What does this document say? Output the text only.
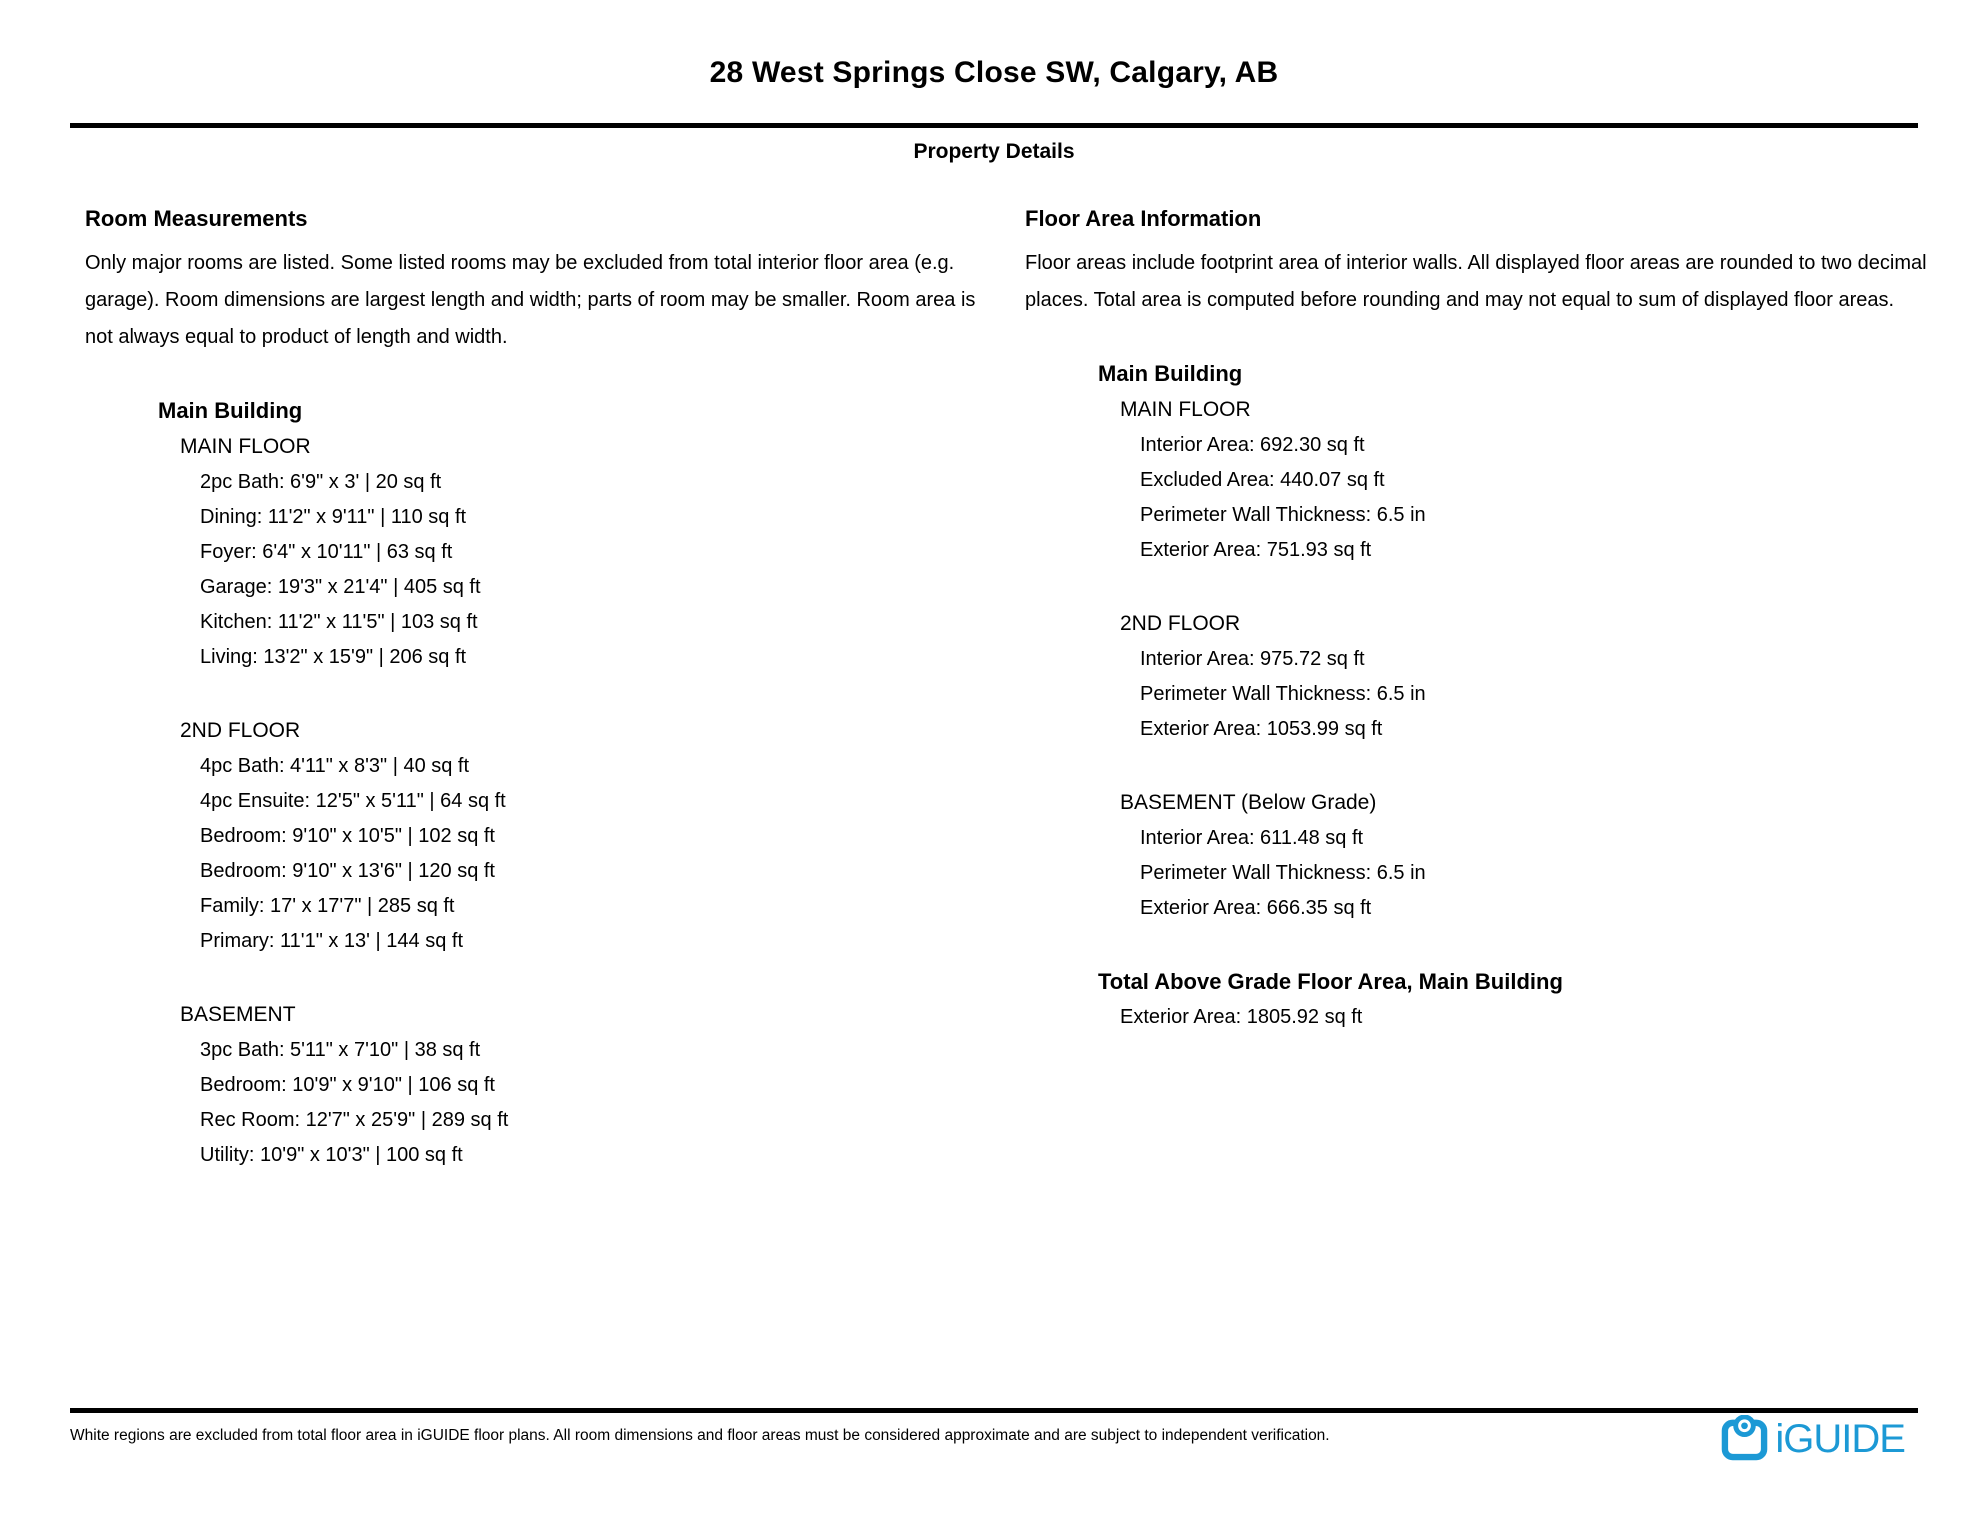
28 West Springs Close SW, Calgary, AB
Property Details
Room Measurements
Only major rooms are listed. Some listed rooms may be excluded from total interior floor area (e.g. garage). Room dimensions are largest length and width; parts of room may be smaller. Room area is not always equal to product of length and width.
Main Building
MAIN FLOOR
2pc Bath: 6'9" x 3' | 20 sq ft
Dining: 11'2" x 9'11" | 110 sq ft
Foyer: 6'4" x 10'11" | 63 sq ft
Garage: 19'3" x 21'4" | 405 sq ft
Kitchen: 11'2" x 11'5" | 103 sq ft
Living: 13'2" x 15'9" | 206 sq ft
2ND FLOOR
4pc Bath: 4'11" x 8'3" | 40 sq ft
4pc Ensuite: 12'5" x 5'11" | 64 sq ft
Bedroom: 9'10" x 10'5" | 102 sq ft
Bedroom: 9'10" x 13'6" | 120 sq ft
Family: 17' x 17'7" | 285 sq ft
Primary: 11'1" x 13' | 144 sq ft
BASEMENT
3pc Bath: 5'11" x 7'10" | 38 sq ft
Bedroom: 10'9" x 9'10" | 106 sq ft
Rec Room: 12'7" x 25'9" | 289 sq ft
Utility: 10'9" x 10'3" | 100 sq ft
Floor Area Information
Floor areas include footprint area of interior walls. All displayed floor areas are rounded to two decimal places. Total area is computed before rounding and may not equal to sum of displayed floor areas.
Main Building
MAIN FLOOR
Interior Area: 692.30 sq ft
Excluded Area: 440.07 sq ft
Perimeter Wall Thickness: 6.5 in
Exterior Area: 751.93 sq ft
2ND FLOOR
Interior Area: 975.72 sq ft
Perimeter Wall Thickness: 6.5 in
Exterior Area: 1053.99 sq ft
BASEMENT (Below Grade)
Interior Area: 611.48 sq ft
Perimeter Wall Thickness: 6.5 in
Exterior Area: 666.35 sq ft
Total Above Grade Floor Area, Main Building
Exterior Area: 1805.92 sq ft
White regions are excluded from total floor area in iGUIDE floor plans. All room dimensions and floor areas must be considered approximate and are subject to independent verification.	iGUIDE
